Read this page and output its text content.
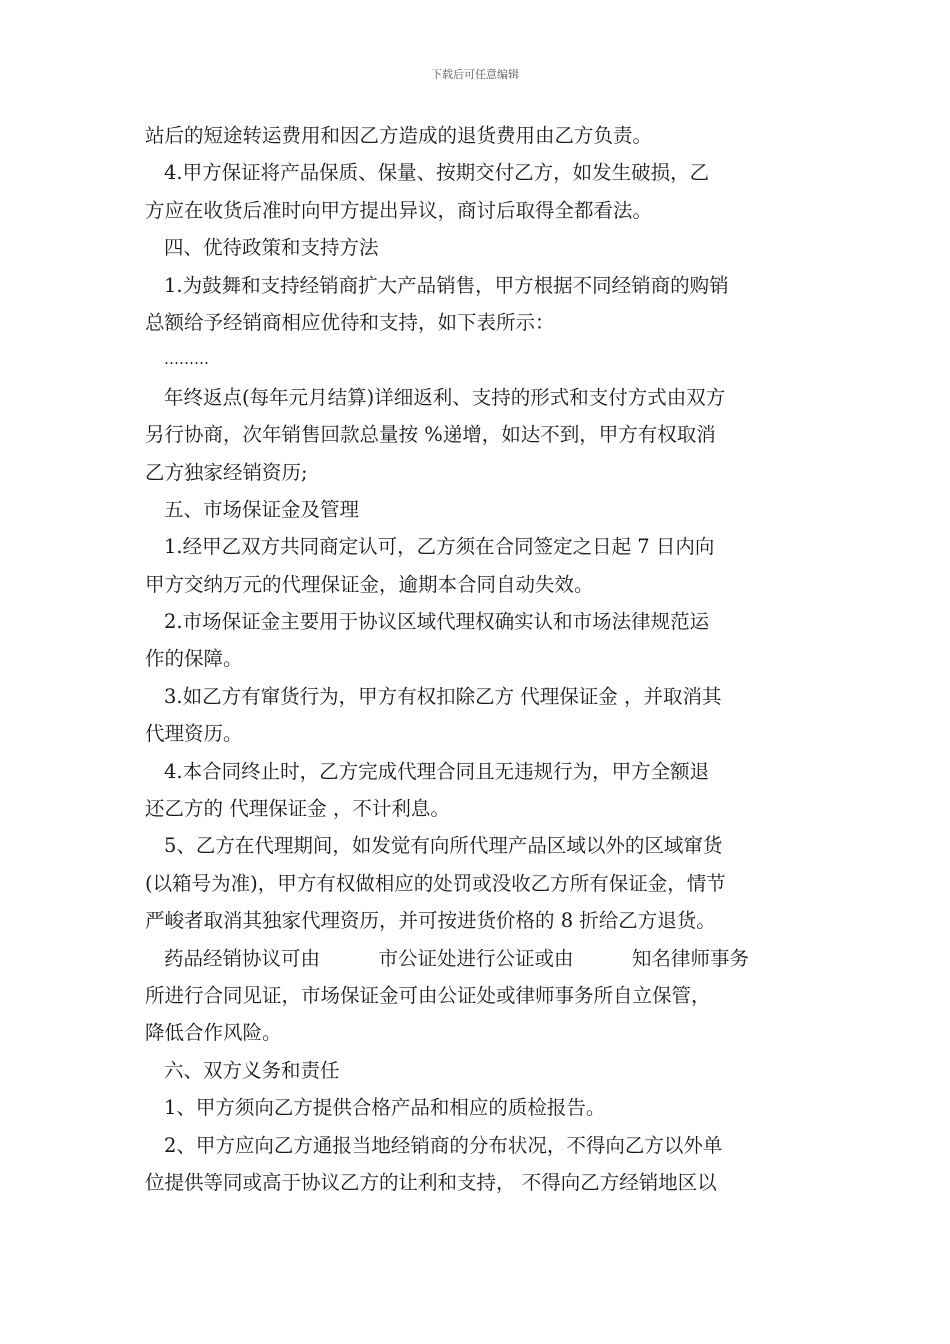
下载后可任意编辑
站后的短途转运费用和因乙方造成的退货费用由乙方负责。
4.甲方保证将产品保质、保量、按期交付乙方，如发生破损，乙
方应在收货后准时向甲方提出异议，商讨后取得全都看法。
四、优待政策和支持方法
1.为鼓舞和支持经销商扩大产品销售，甲方根据不同经销商的购销
总额给予经销商相应优待和支持，如下表所示：
………
年终返点(每年元月结算)详细返利、支持的形式和支付方式由双方
另行协商，次年销售回款总量按 %递增，如达不到，甲方有权取消
乙方独家经销资历;
五、市场保证金及管理
1.经甲乙双方共同商定认可，乙方须在合同签定之日起 7 日内向
甲方交纳万元的代理保证金，逾期本合同自动失效。
2.市场保证金主要用于协议区域代理权确实认和市场法律规范运
作的保障。
3.如乙方有窜货行为，甲方有权扣除乙方 代理保证金 ，并取消其
代理资历。
4.本合同终止时，乙方完成代理合同且无违规行为，甲方全额退
还乙方的 代理保证金 ，不计利息。
5、乙方在代理期间，如发觉有向所代理产品区域以外的区域窜货
(以箱号为准)，甲方有权做相应的处罚或没收乙方所有保证金，情节
严峻者取消其独家代理资历，并可按进货价格的 8 折给乙方退货。
药品经销协议可由　　　市公证处进行公证或由　　　知名律师事务
所进行合同见证，市场保证金可由公证处或律师事务所自立保管，
降低合作风险。
六、双方义务和责任
1、甲方须向乙方提供合格产品和相应的质检报告。
2、甲方应向乙方通报当地经销商的分布状况，不得向乙方以外单
位提供等同或高于协议乙方的让利和支持， 不得向乙方经销地区以
